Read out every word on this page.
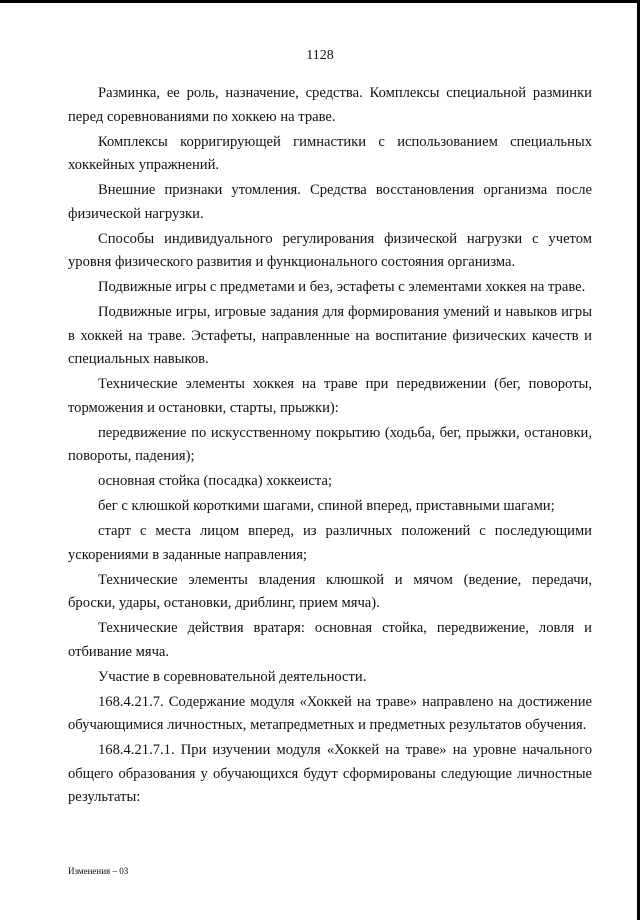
1128

Разминка, ее роль, назначение, средства. Комплексы специальной разминки перед соревнованиями по хоккею на траве.

Комплексы корригирующей гимнастики с использованием специальных хоккейных упражнений.

Внешние признаки утомления. Средства восстановления организма после физической нагрузки.

Способы индивидуального регулирования физической нагрузки с учетом уровня физического развития и функционального состояния организма.

Подвижные игры с предметами и без, эстафеты с элементами хоккея на траве.

Подвижные игры, игровые задания для формирования умений и навыков игры в хоккей на траве. Эстафеты, направленные на воспитание физических качеств и специальных навыков.

Технические элементы хоккея на траве при передвижении (бег, повороты, торможения и остановки, старты, прыжки):

передвижение по искусственному покрытию (ходьба, бег, прыжки, остановки, повороты, падения);

основная стойка (посадка) хоккеиста;

бег с клюшкой короткими шагами, спиной вперед, приставными шагами;

старт с места лицом вперед, из различных положений с последующими ускорениями в заданные направления;

Технические элементы владения клюшкой и мячом (ведение, передачи, броски, удары, остановки, дриблинг, прием мяча).

Технические действия вратаря: основная стойка, передвижение, ловля и отбивание мяча.

Участие в соревновательной деятельности.

168.4.21.7. Содержание модуля «Хоккей на траве» направлено на достижение обучающимися личностных, метапредметных и предметных результатов обучения.

168.4.21.7.1. При изучении модуля «Хоккей на траве» на уровне начального общего образования у обучающихся будут сформированы следующие личностные результаты:

Изменения – 03
